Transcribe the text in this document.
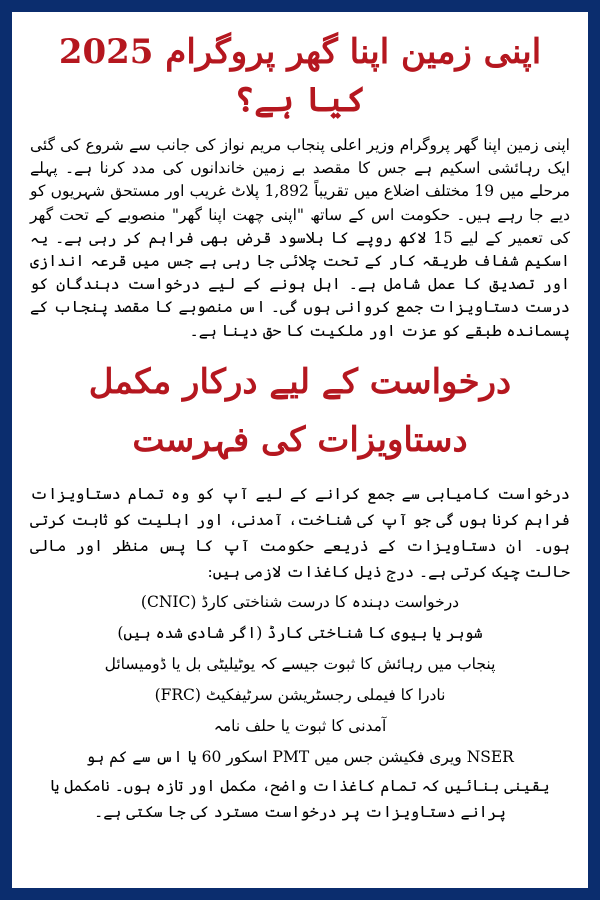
اپنی زمین اپنا گھر پروگرام 2025 کیا ہے؟

اپنی زمین اپنا گھر پروگرام وزیر اعلی پنجاب مریم نواز کی جانب سے شروع کی گئی ایک رہائشی اسکیم ہے جس کا مقصد بے زمین خاندانوں کی مدد کرنا ہے۔ پہلے مرحلے میں 19 مختلف اضلاع میں تقریباً 1,892 پلاٹ غریب اور مستحق شہریوں کو دیے جا رہے ہیں۔ حکومت اس کے ساتھ "اپنی چھت اپنا گھر" منصوبے کے تحت گھر کی تعمیر کے لیے 15 لاکھ روپے کا بلاسود قرض بھی فراہم کر رہی ہے۔ یہ اسکیم شفاف طریقہ کار کے تحت چلائی جا رہی ہے جس میں قرعہ اندازی اور تصدیق کا عمل شامل ہے۔ اہل ہونے کے لیے درخواست دہندگان کو درست دستاویزات جمع کروانی ہوں گی۔ اس منصوبے کا مقصد پنجاب کے پسماندہ طبقے کو عزت اور ملکیت کا حق دینا ہے۔

درخواست کے لیے درکار مکمل دستاویزات کی فہرست

درخواست کامیابی سے جمع کرانے کے لیے آپ کو وہ تمام دستاویزات فراہم کرنا ہوں گی جو آپ کی شناخت، آمدنی، اور اہلیت کو ثابت کرتی ہوں۔ ان دستاویزات کے ذریعے حکومت آپ کا پس منظر اور مالی حالت چیک کرتی ہے۔ درج ذیل کاغذات لازمی ہیں:

درخواست دہندہ کا درست شناختی کارڈ (CNIC)
شوہر یا بیوی کا شناختی کارڈ (اگر شادی شدہ ہیں)
پنجاب میں رہائش کا ثبوت جیسے کہ یوٹیلیٹی بل یا ڈومیسائل
نادرا کا فیملی رجسٹریشن سرٹیفکیٹ (FRC)
آمدنی کا ثبوت یا حلف نامہ
NSER ویری فکیشن جس میں PMT اسکور 60 یا اس سے کم ہو

یقینی بنائیں کہ تمام کاغذات واضح، مکمل اور تازہ ہوں۔ نامکمل یا پرانے دستاویزات پر درخواست مسترد کی جا سکتی ہے۔
